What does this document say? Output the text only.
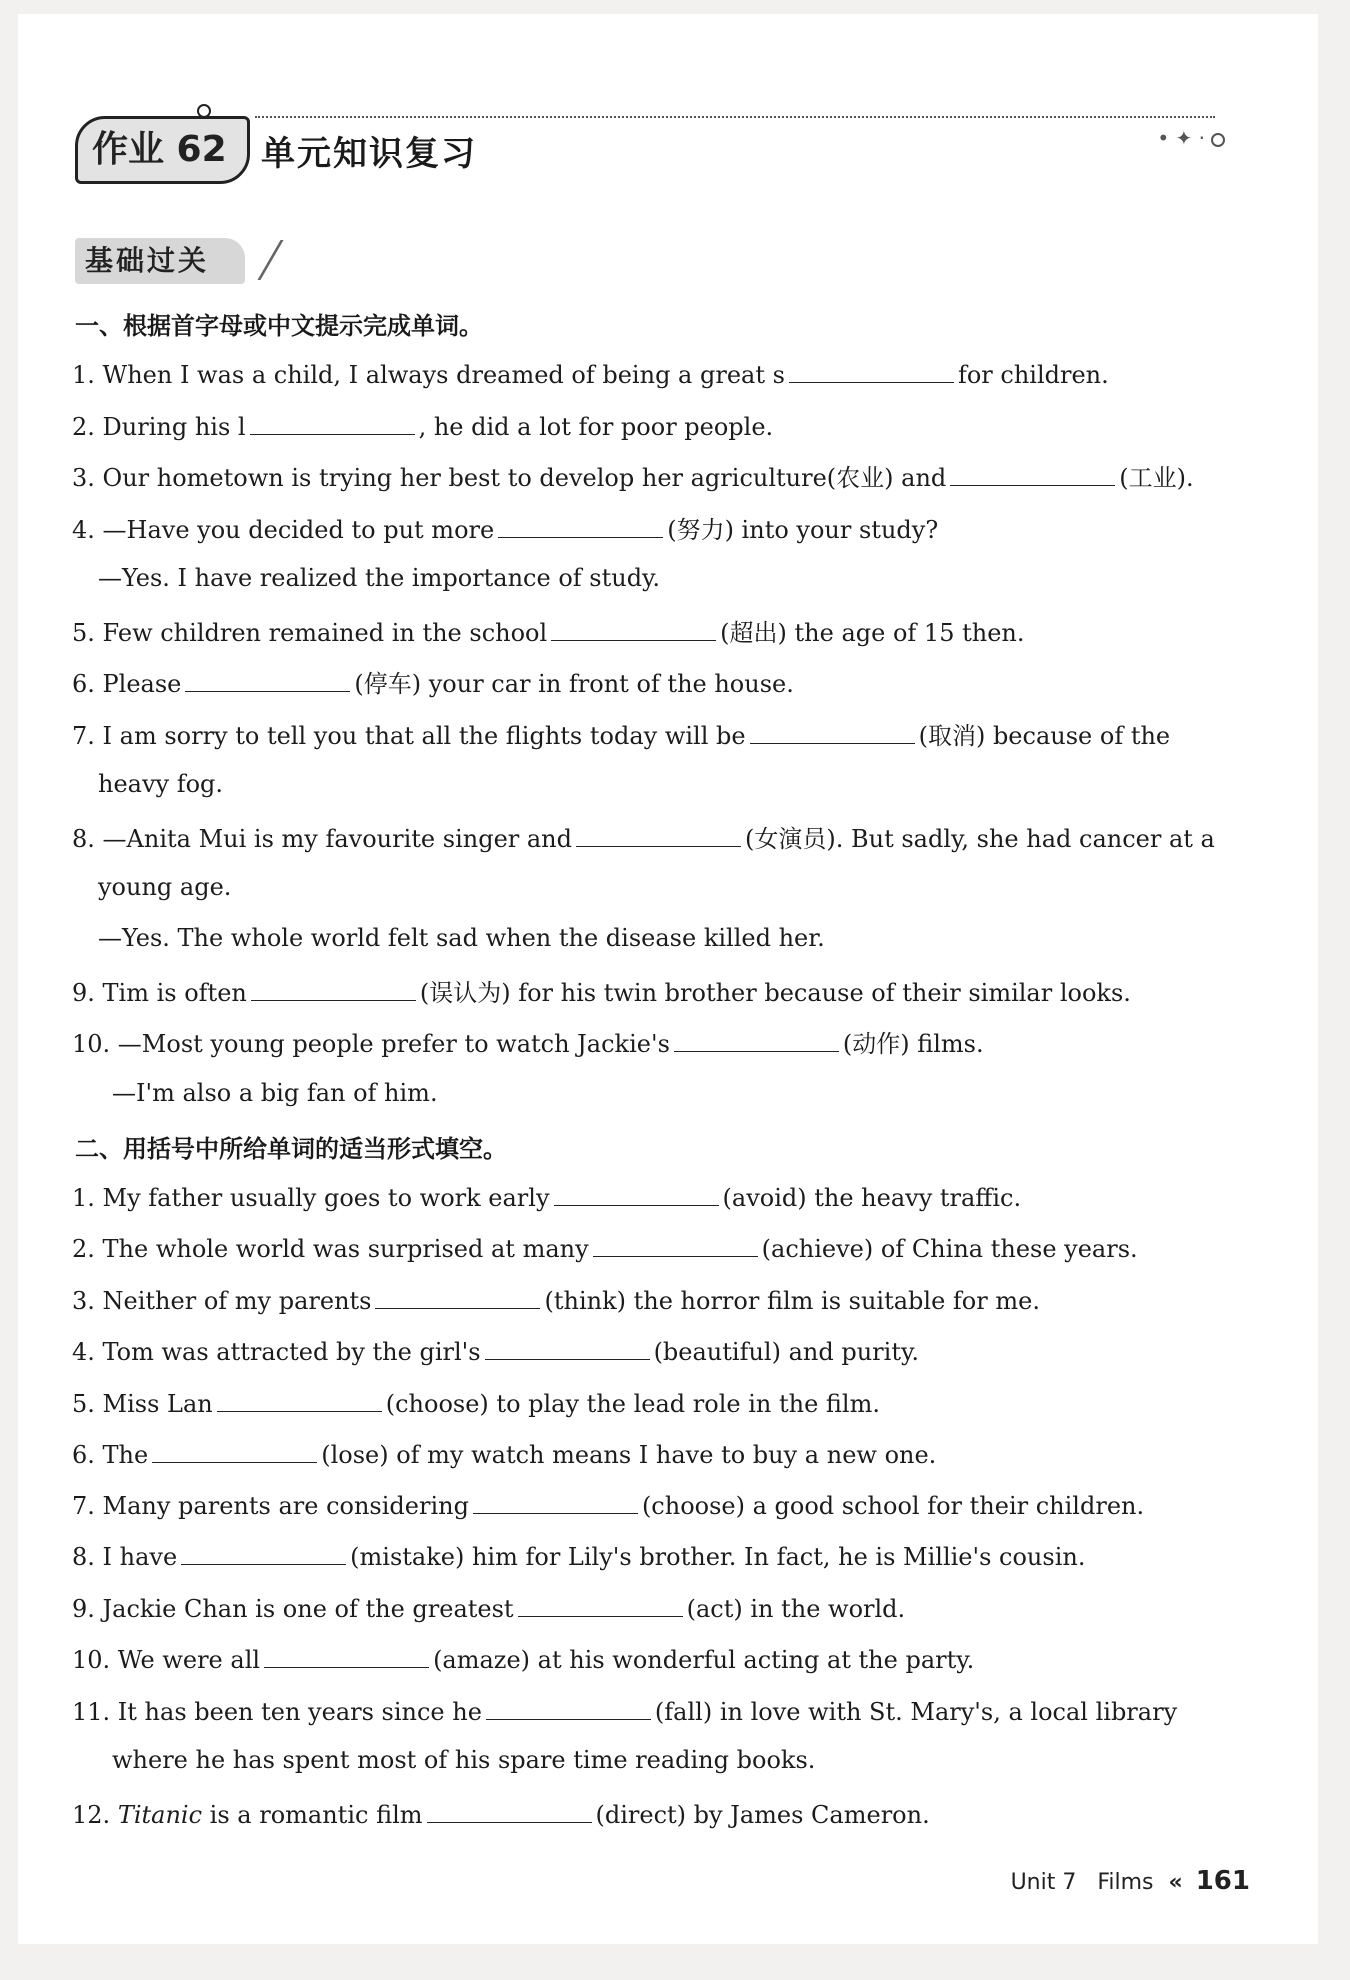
作业 62	单元知识复习	• ✦ ·
基础过关
一、根据首字母或中文提示完成单词。
1. When I was a child, I always dreamed of being a great s	for children.
2. During his l	, he did a lot for poor people.
3. Our hometown is trying her best to develop her agriculture(农业) and	(工业).
4. —Have you decided to put more	(努力) into your study?
—Yes. I have realized the importance of study.
5. Few children remained in the school	(超出) the age of 15 then.
6. Please	(停车) your car in front of the house.
7. I am sorry to tell you that all the flights today will be	(取消) because of the
heavy fog.
8. —Anita Mui is my favourite singer and	(女演员). But sadly, she had cancer at a
young age.
—Yes. The whole world felt sad when the disease killed her.
9. Tim is often	(误认为) for his twin brother because of their similar looks.
10. —Most young people prefer to watch Jackie's	(动作) films.
—I'm also a big fan of him.
二、用括号中所给单词的适当形式填空。
1. My father usually goes to work early	(avoid) the heavy traffic.
2. The whole world was surprised at many	(achieve) of China these years.
3. Neither of my parents	(think) the horror film is suitable for me.
4. Tom was attracted by the girl's	(beautiful) and purity.
5. Miss Lan	(choose) to play the lead role in the film.
6. The	(lose) of my watch means I have to buy a new one.
7. Many parents are considering	(choose) a good school for their children.
8. I have	(mistake) him for Lily's brother. In fact, he is Millie's cousin.
9. Jackie Chan is one of the greatest	(act) in the world.
10. We were all	(amaze) at his wonderful acting at the party.
11. It has been ten years since he	(fall) in love with St. Mary's, a local library
where he has spent most of his spare time reading books.
12. Titanic is a romantic film	(direct) by James Cameron.
Unit 7 Films « 161
